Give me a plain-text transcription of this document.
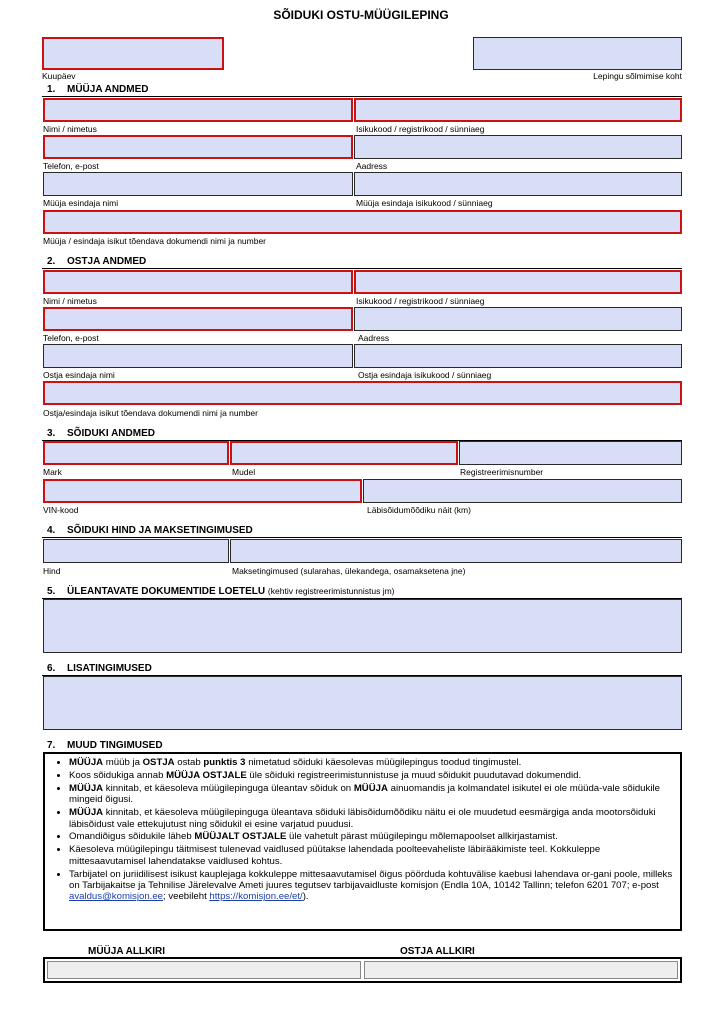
SÕIDUKI OSTU-MÜÜGILEPING
Kuupäev	Lepingu sõlmimise koht
1. MÜÜJA ANDMED
Nimi / nimetus	Isikukood / registrikood / sünniaeg
Telefon, e-post	Aadress
Müüja esindaja nimi	Müüja esindaja isikukood / sünniaeg
Müüja / esindaja isikut tõendava dokumendi nimi ja number
2. OSTJA ANDMED
Nimi / nimetus	Isikukood / registrikood / sünniaeg
Telefon, e-post	Aadress
Ostja esindaja nimi	Ostja esindaja isikukood / sünniaeg
Ostja/esindaja isikut tõendava dokumendi nimi ja number
3. SÕIDUKI ANDMED
Mark	Mudel	Registreerimisnumber
VIN-kood	Läbisõidumõõdiku näit (km)
4. SÕIDUKI HIND JA MAKSETINGIMUSED
Hind	Maksetingimused (sularahas, ülekandega, osamaksetena jne)
5. ÜLEANTAVATE DOKUMENTIDE LOETELU (kehtiv registreerimistunnistus jm)
6. LISATINGIMUSED
7. MUUD TINGIMUSED
• MÜÜJA müüb ja OSTJA ostab punktis 3 nimetatud sõiduki käesolevas müügilepingus toodud tingimustel.
• Koos sõidukiga annab MÜÜJA OSTJALE üle sõiduki registreerimistunnistuse ja muud sõidukit puudutavad dokumendid.
• MÜÜJA kinnitab, et käesoleva müügilepinguga üleantav sõiduk on MÜÜJA ainuomandis ja kolmandatel isikutel ei ole müüda-vale sõidukile mingeid õigusi.
• MÜÜJA kinnitab, et käesoleva müügilepinguga üleantava sõiduki läbisõidumõõdiku näitu ei ole muudetud eesmärgiga anda mootorsõiduki läbisõidust vale ettekujutust ning sõidukil ei esine varjatud puudusi.
• Omandiõigus sõidukile läheb MÜÜJALT OSTJALE üle vahetult pärast müügilepingu mõlemapoolset allkirjastamist.
• Käesoleva müügilepingu täitmisest tulenevad vaidlused püütakse lahendada poolteevaheliste läbirääkimiste teel. Kokkuleppe mittesaavutamisel lahendatakse vaidlused kohtus.
• Tarbijatel on juriidilisest isikust kauplejaga kokkuleppe mittesaavutamisel õigus pöörduda kohtuvälise kaebusi lahendava or-gani poole, milleks on Tarbijakaitse ja Tehnilise Järelevalve Ameti juures tegutsev tarbijavaidluste komisjon (Endla 10A, 10142 Tallinn; telefon 6201 707; e-post avaldus@komisjon.ee; veebileht https://komisjon.ee/et/).
MÜÜJA ALLKIRI	OSTJA ALLKIRI
